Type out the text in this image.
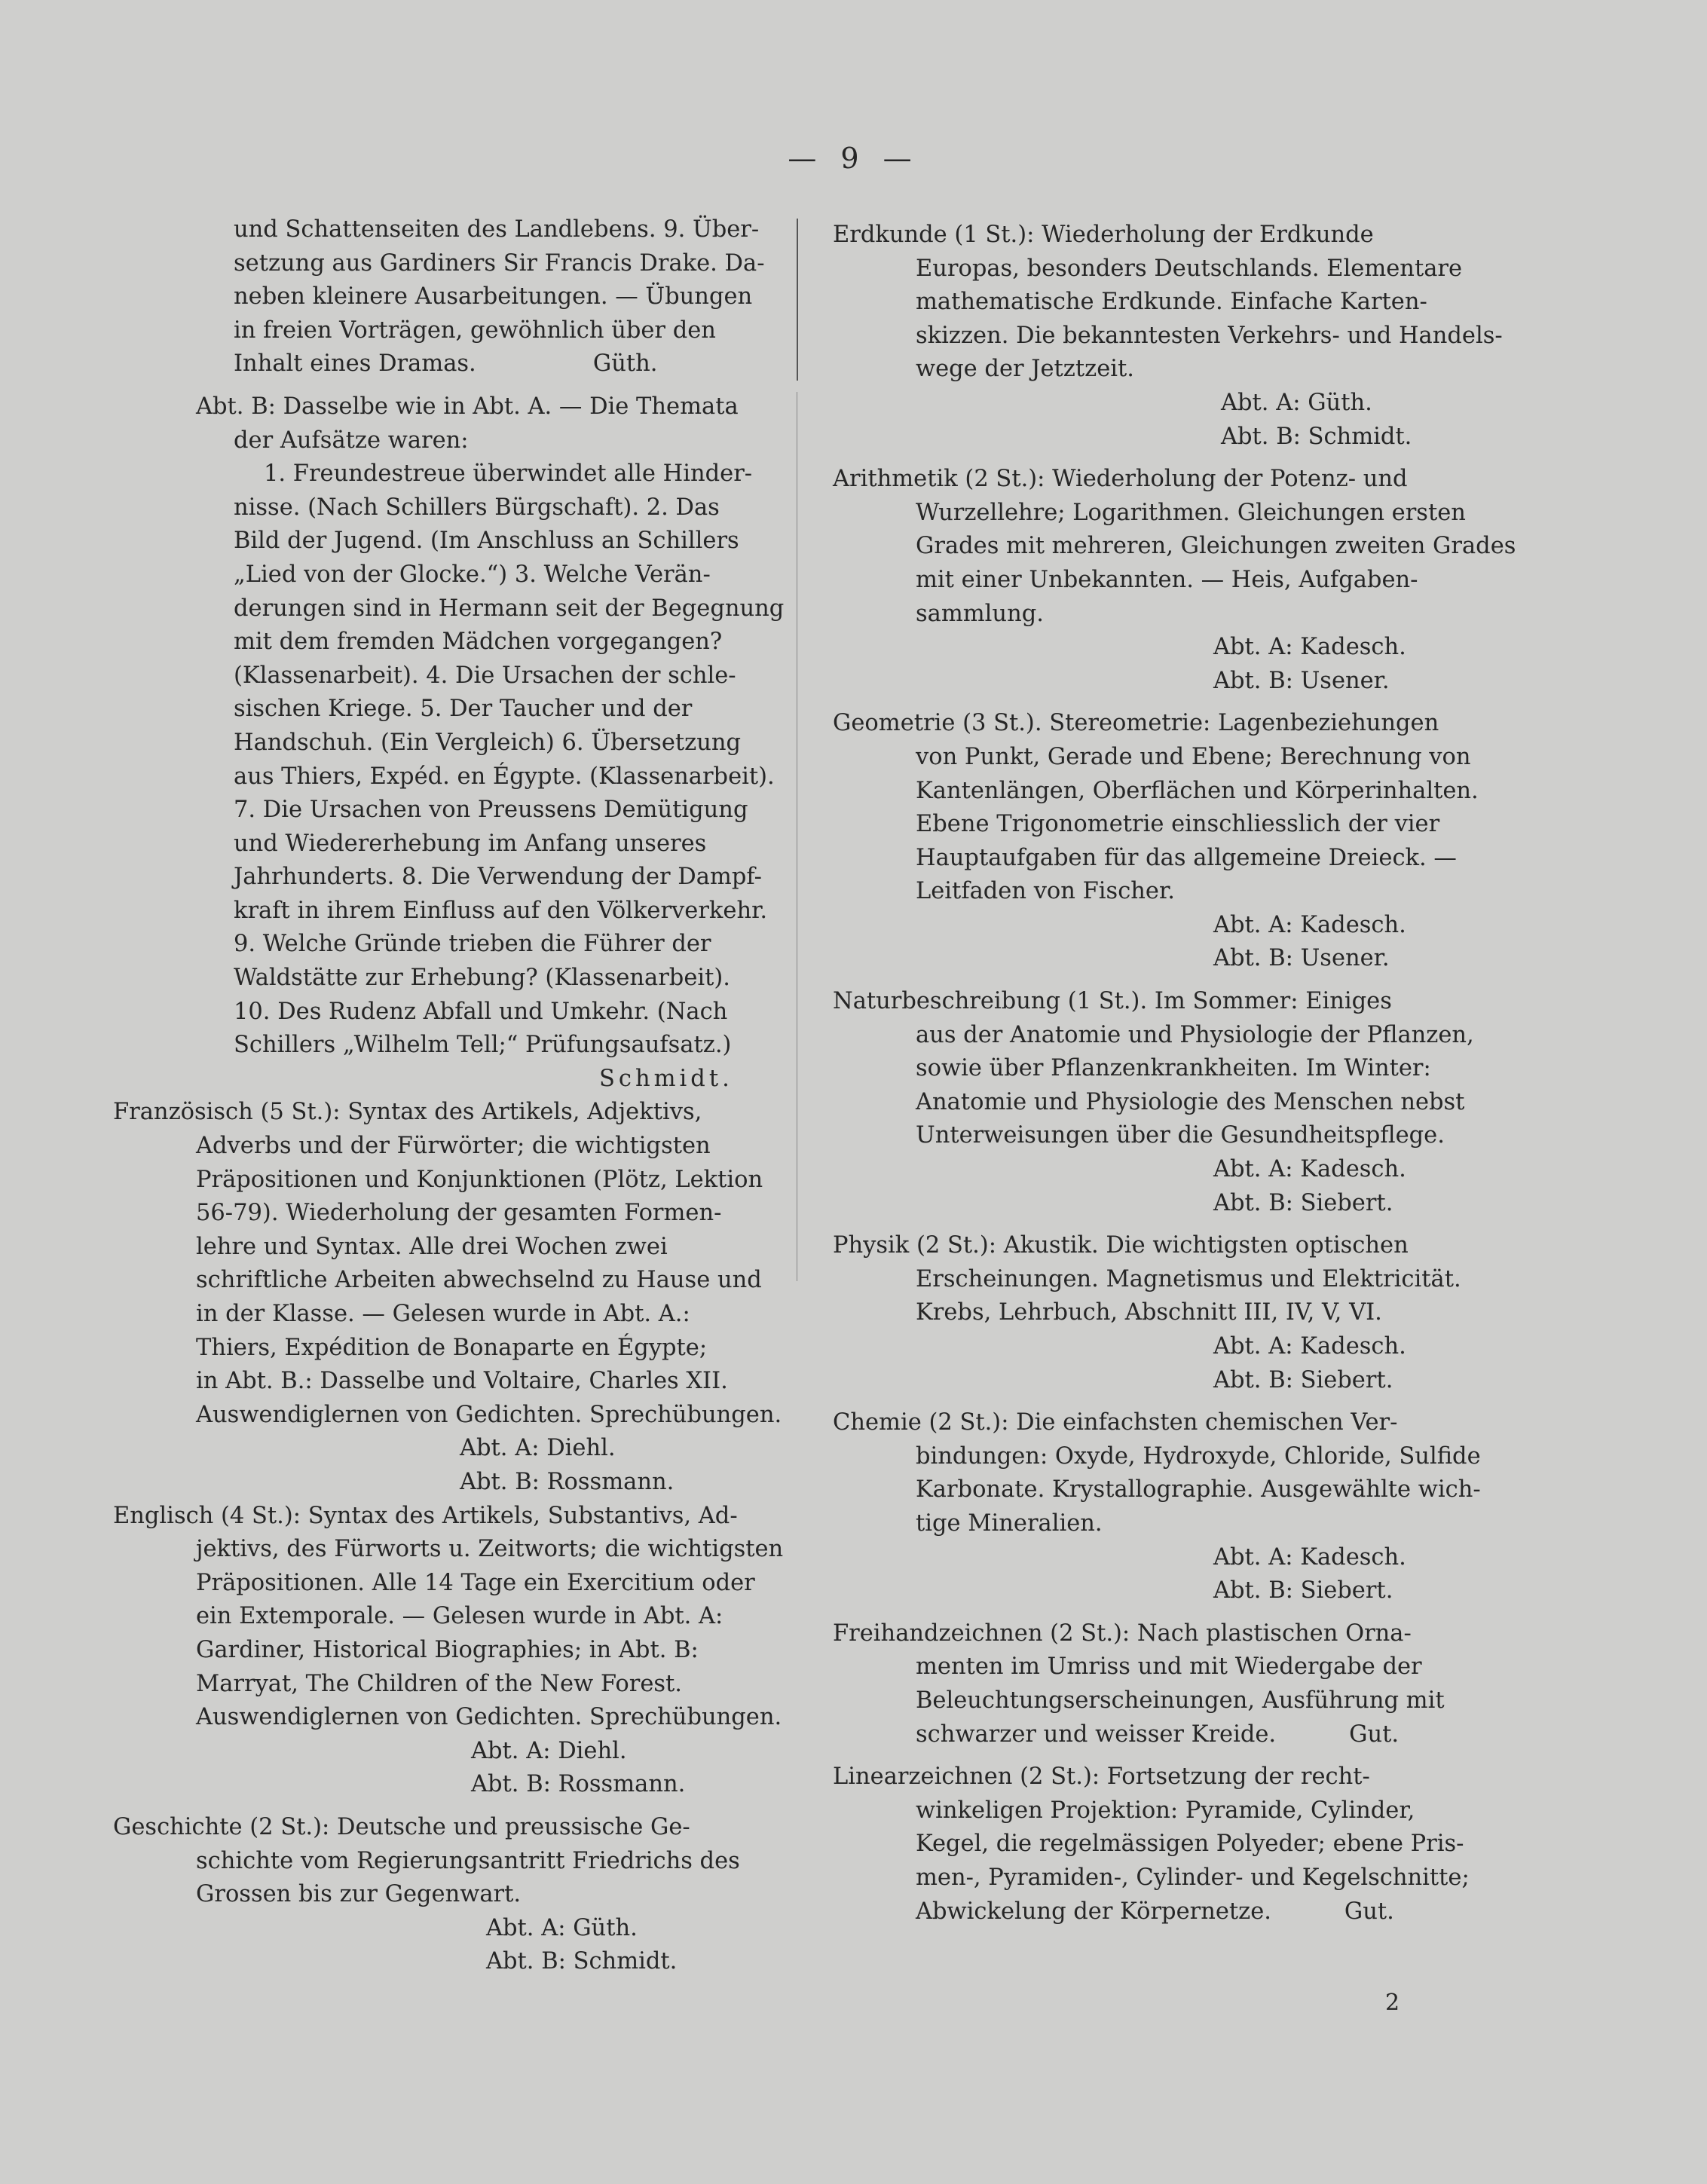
— 9 —
und Schattenseiten des Landlebens. 9. Über-
setzung aus Gardiners Sir Francis Drake. Da-
neben kleinere Ausarbeitungen. — Übungen
in freien Vorträgen, gewöhnlich über den
Inhalt eines Dramas.                Güth.
Abt. B: Dasselbe wie in Abt. A. — Die Themata
der Aufsätze waren:
1. Freundestreue überwindet alle Hinder-
nisse. (Nach Schillers Bürgschaft). 2. Das
Bild der Jugend. (Im Anschluss an Schillers
„Lied von der Glocke.“) 3. Welche Verän-
derungen sind in Hermann seit der Begegnung
mit dem fremden Mädchen vorgegangen?
(Klassenarbeit). 4. Die Ursachen der schle-
sischen Kriege. 5. Der Taucher und der
Handschuh. (Ein Vergleich) 6. Übersetzung
aus Thiers, Expéd. en Égypte. (Klassenarbeit).
7. Die Ursachen von Preussens Demütigung
und Wiedererhebung im Anfang unseres
Jahrhunderts. 8. Die Verwendung der Dampf-
kraft in ihrem Einfluss auf den Völkerverkehr.
9. Welche Gründe trieben die Führer der
Waldstätte zur Erhebung? (Klassenarbeit).
10. Des Rudenz Abfall und Umkehr. (Nach
Schillers „Wilhelm Tell;“ Prüfungsaufsatz.)
Schmidt.
Französisch (5 St.): Syntax des Artikels, Adjektivs,
Adverbs und der Fürwörter; die wichtigsten
Präpositionen und Konjunktionen (Plötz, Lektion
56-79). Wiederholung der gesamten Formen-
lehre und Syntax. Alle drei Wochen zwei
schriftliche Arbeiten abwechselnd zu Hause und
in der Klasse. — Gelesen wurde in Abt. A.:
Thiers, Expédition de Bonaparte en Égypte;
in Abt. B.: Dasselbe und Voltaire, Charles XII.
Auswendiglernen von Gedichten. Sprechübungen.
Abt. A: Diehl.
Abt. B: Rossmann.
Englisch (4 St.): Syntax des Artikels, Substantivs, Ad-
jektivs, des Fürworts u. Zeitworts; die wichtigsten
Präpositionen. Alle 14 Tage ein Exercitium oder
ein Extemporale. — Gelesen wurde in Abt. A:
Gardiner, Historical Biographies; in Abt. B:
Marryat, The Children of the New Forest.
Auswendiglernen von Gedichten. Sprechübungen.
Abt. A: Diehl.
Abt. B: Rossmann.
Geschichte (2 St.): Deutsche und preussische Ge-
schichte vom Regierungsantritt Friedrichs des
Grossen bis zur Gegenwart.
Abt. A: Güth.
Abt. B: Schmidt.
Erdkunde (1 St.): Wiederholung der Erdkunde
Europas, besonders Deutschlands. Elementare
mathematische Erdkunde. Einfache Karten-
skizzen. Die bekanntesten Verkehrs- und Handels-
wege der Jetztzeit.
Abt. A: Güth.
Abt. B: Schmidt.
Arithmetik (2 St.): Wiederholung der Potenz- und
Wurzellehre; Logarithmen. Gleichungen ersten
Grades mit mehreren, Gleichungen zweiten Grades
mit einer Unbekannten. — Heis, Aufgaben-
sammlung.
Abt. A: Kadesch.
Abt. B: Usener.
Geometrie (3 St.). Stereometrie: Lagenbeziehungen
von Punkt, Gerade und Ebene; Berechnung von
Kantenlängen, Oberflächen und Körperinhalten.
Ebene Trigonometrie einschliesslich der vier
Hauptaufgaben für das allgemeine Dreieck. —
Leitfaden von Fischer.
Abt. A: Kadesch.
Abt. B: Usener.
Naturbeschreibung (1 St.). Im Sommer: Einiges
aus der Anatomie und Physiologie der Pflanzen,
sowie über Pflanzenkrankheiten. Im Winter:
Anatomie und Physiologie des Menschen nebst
Unterweisungen über die Gesundheitspflege.
Abt. A: Kadesch.
Abt. B: Siebert.
Physik (2 St.): Akustik. Die wichtigsten optischen
Erscheinungen. Magnetismus und Elektricität.
Krebs, Lehrbuch, Abschnitt III, IV, V, VI.
Abt. A: Kadesch.
Abt. B: Siebert.
Chemie (2 St.): Die einfachsten chemischen Ver-
bindungen: Oxyde, Hydroxyde, Chloride, Sulfide
Karbonate. Krystallographie. Ausgewählte wich-
tige Mineralien.
Abt. A: Kadesch.
Abt. B: Siebert.
Freihandzeichnen (2 St.): Nach plastischen Orna-
menten im Umriss und mit Wiedergabe der
Beleuchtungserscheinungen, Ausführung mit
schwarzer und weisser Kreide.          Gut.
Linearzeichnen (2 St.): Fortsetzung der recht-
winkeligen Projektion: Pyramide, Cylinder,
Kegel, die regelmässigen Polyeder; ebene Pris-
men-, Pyramiden-, Cylinder- und Kegelschnitte;
Abwickelung der Körpernetze.          Gut.
2
